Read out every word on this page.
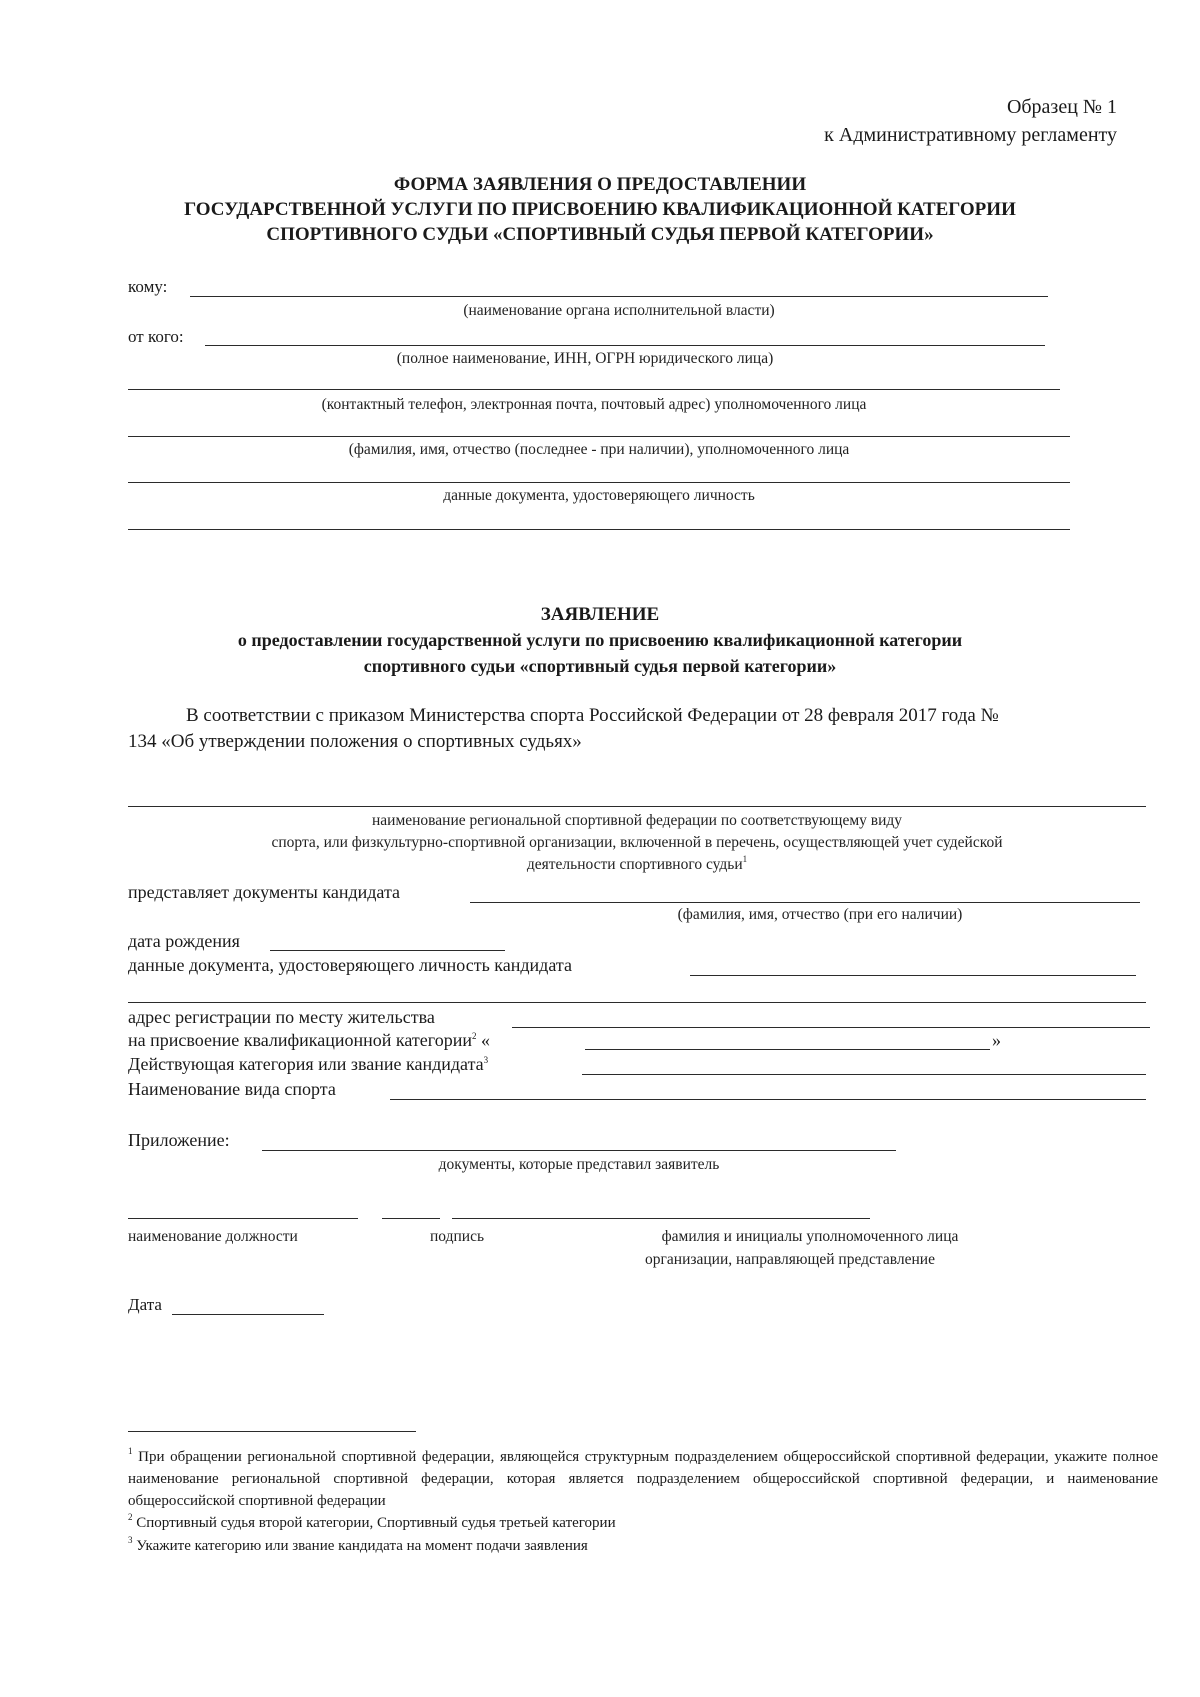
Образец № 1
к Административному регламенту
ФОРМА ЗАЯВЛЕНИЯ О ПРЕДОСТАВЛЕНИИ
ГОСУДАРСТВЕННОЙ УСЛУГИ ПО ПРИСВОЕНИЮ КВАЛИФИКАЦИОННОЙ КАТЕГОРИИ
СПОРТИВНОГО СУДЬИ «СПОРТИВНЫЙ СУДЬЯ ПЕРВОЙ КАТЕГОРИИ»
кому:
(наименование органа исполнительной власти)
от кого:
(полное наименование, ИНН, ОГРН юридического лица)
(контактный телефон, электронная почта, почтовый адрес) уполномоченного лица
(фамилия, имя, отчество (последнее - при наличии), уполномоченного лица
данные документа, удостоверяющего личность
ЗАЯВЛЕНИЕ
о предоставлении государственной услуги по присвоению квалификационной категории
спортивного судьи «спортивный судья первой категории»
В соответствии с приказом Министерства спорта Российской Федерации от 28 февраля 2017 года №
134 «Об утверждении положения о спортивных судьях»
наименование региональной спортивной федерации по соответствующему виду
спорта, или физкультурно-спортивной организации, включенной в перечень, осуществляющей учет судейской
деятельности спортивного судьи$^1$
представляет документы кандидата
(фамилия, имя, отчество (при его наличии)
дата рождения
данные документа, удостоверяющего личность кандидата
адрес регистрации по месту жительства
на присвоение квалификационной категории$^2$ «	»
Действующая категория или звание кандидата$^3$
Наименование вида спорта
Приложение:
документы, которые представил заявитель
наименование должности	подпись	фамилия и инициалы уполномоченного лица
организации, направляющей представление
Дата
$^1$ При обращении региональной спортивной федерации, являющейся структурным подразделением общероссийской спортивной федерации, укажите полное наименование региональной спортивной федерации, которая является подразделением общероссийской спортивной федерации, и наименование общероссийской спортивной федерации
$^2$ Спортивный судья второй категории, Спортивный судья третьей категории
$^3$ Укажите категорию или звание кандидата на момент подачи заявления
